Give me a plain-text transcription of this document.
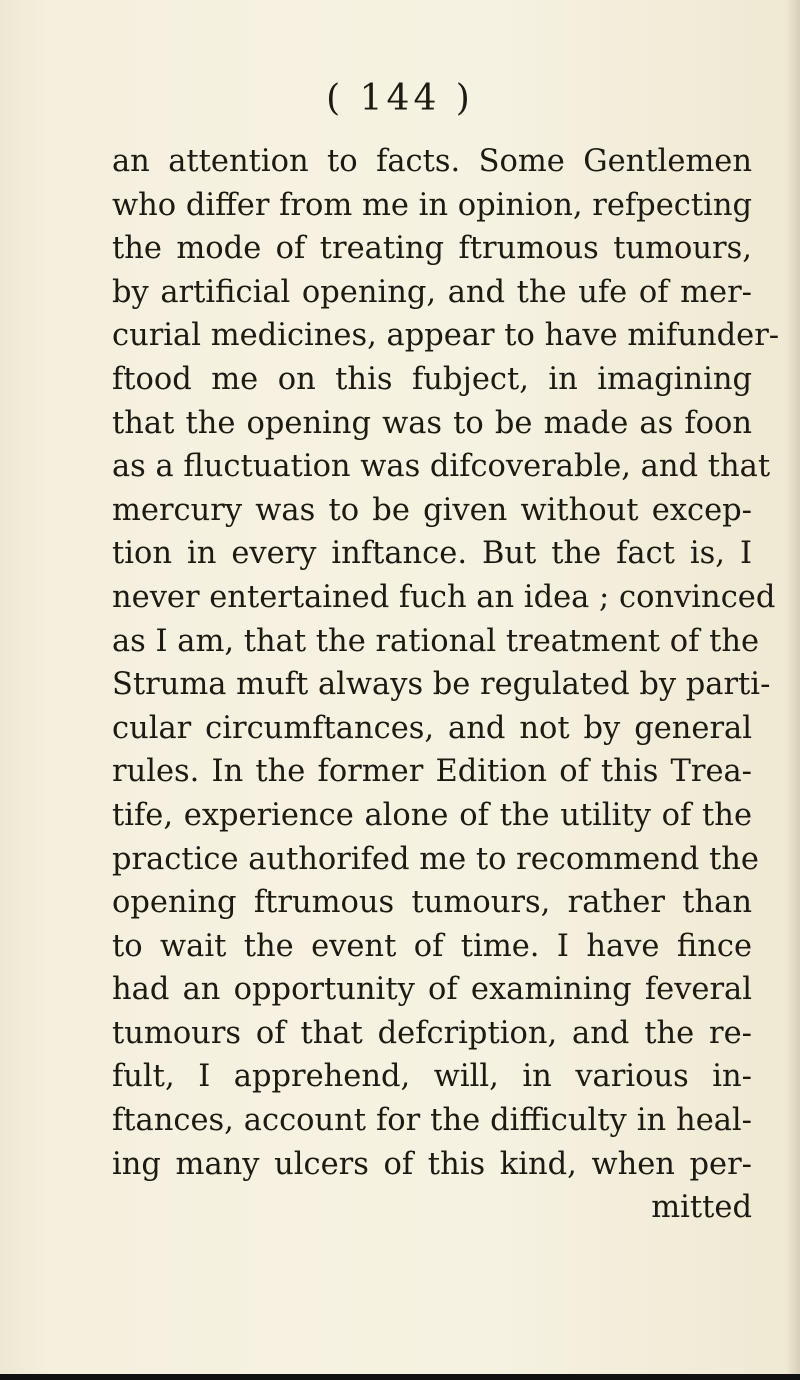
( 144 )
an attention to facts. Some Gentlemen
who differ from me in opinion, refpecting
the mode of treating ftrumous tumours,
by artificial opening, and the ufe of mer-
curial medicines, appear to have mifunder-
ftood me on this fubject, in imagining
that the opening was to be made as foon
as a fluctuation was difcoverable, and that
mercury was to be given without excep-
tion in every inftance. But the fact is, I
never entertained fuch an idea ; convinced
as I am, that the rational treatment of the
Struma muft always be regulated by parti-
cular circumftances, and not by general
rules. In the former Edition of this Trea-
tife, experience alone of the utility of the
practice authorifed me to recommend the
opening ftrumous tumours, rather than
to wait the event of time. I have fince
had an opportunity of examining feveral
tumours of that defcription, and the re-
fult, I apprehend, will, in various in-
ftances, account for the difficulty in heal-
ing many ulcers of this kind, when per-
mitted
